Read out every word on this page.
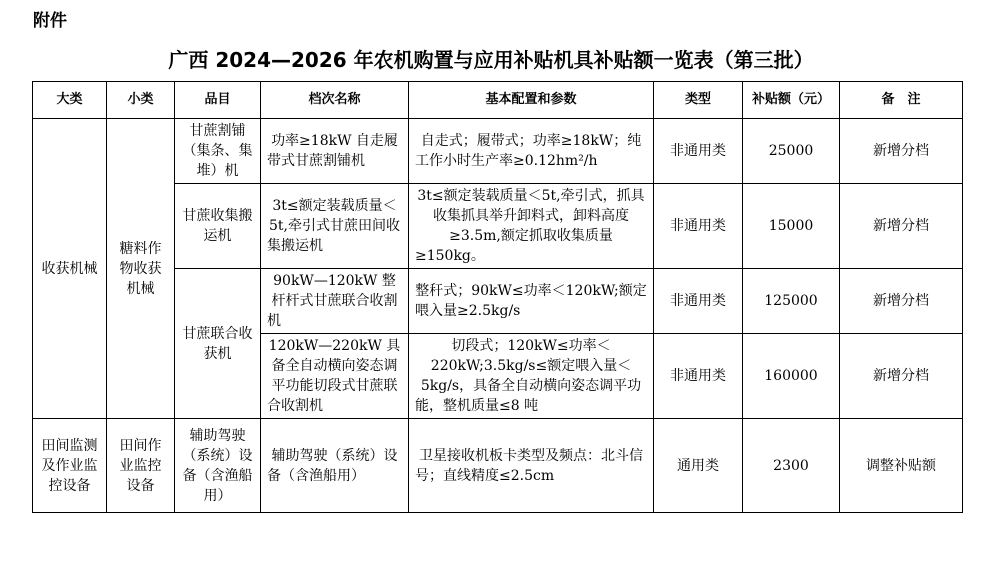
附件
广西 2024—2026 年农机购置与应用补贴机具补贴额一览表（第三批）
大类	小类	品目	档次名称	基本配置和参数	类型	补贴额（元）	备　注
收获机械	糖料作物收获机械	甘蔗割铺（集条、集堆）机	功率≥18kW 自走履带式甘蔗割铺机	自走式；履带式；功率≥18kW；纯工作小时生产率≥0.12hm²/h	非通用类	25000	新增分档
		甘蔗收集搬运机	3t≤额定装载质量＜5t,牵引式甘蔗田间收集搬运机	3t≤额定装载质量＜5t,牵引式，抓具收集抓具举升卸料式，卸料高度≥3.5m,额定抓取收集质量≥150kg。	非通用类	15000	新增分档
		甘蔗联合收获机	90kW—120kW 整杆杆式甘蔗联合收割机	整秆式；90kW≤功率＜120kW;额定喂入量≥2.5kg/s	非通用类	125000	新增分档
			120kW—220kW 具备全自动横向姿态调平功能切段式甘蔗联合收割机	切段式；120kW≤功率＜220kW;3.5kg/s≤额定喂入量＜5kg/s，具备全自动横向姿态调平功能，整机质量≤8 吨	非通用类	160000	新增分档
田间监测及作业监控设备	田间作业监控设备	辅助驾驶（系统）设备（含渔船用）	辅助驾驶（系统）设备（含渔船用）	卫星接收机板卡类型及频点：北斗信号；直线精度≤2.5cm	通用类	2300	调整补贴额
